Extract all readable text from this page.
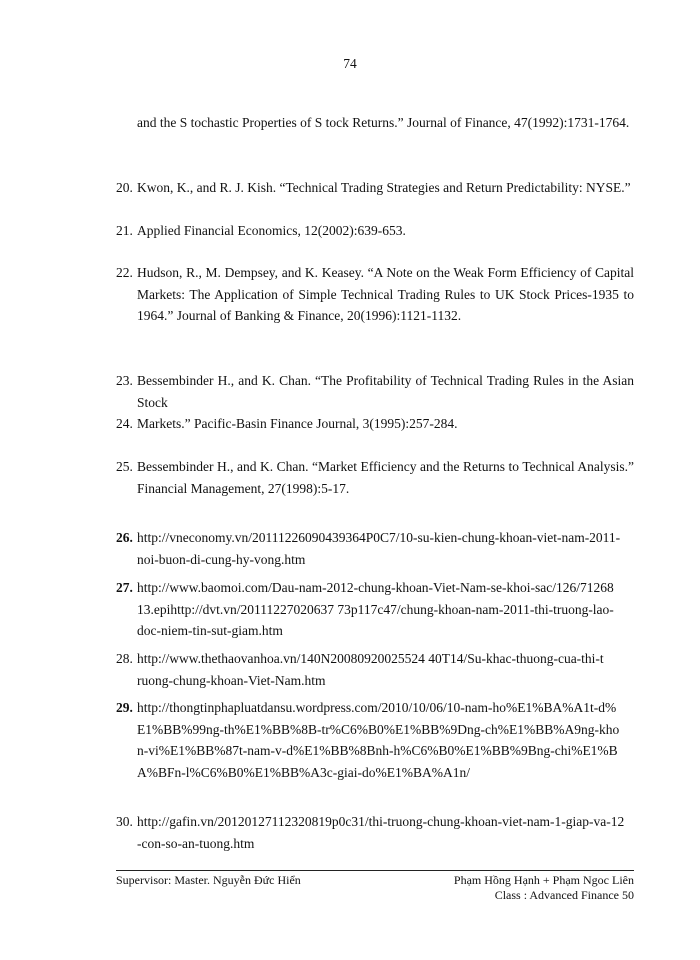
74
and the S tochastic Properties of S tock Returns.” Journal of Finance, 47(1992):1731-1764.
20. Kwon, K., and R. J. Kish. “Technical Trading Strategies and Return Predictability: NYSE.”
21. Applied Financial Economics, 12(2002):639-653.
22. Hudson, R., M. Dempsey, and K. Keasey. “A Note on the Weak Form Efficiency of Capital Markets: The Application of Simple Technical Trading Rules to UK Stock Prices-1935 to 1964.” Journal of Banking & Finance, 20(1996):1121-1132.
23. Bessembinder H., and K. Chan. “The Profitability of Technical Trading Rules in the Asian Stock
24. Markets.” Pacific-Basin Finance Journal, 3(1995):257-284.
25. Bessembinder H., and K. Chan. “Market Efficiency and the Returns to Technical Analysis.” Financial Management, 27(1998):5-17.
26. http://vneconomy.vn/20111226090439364P0C7/10-su-kien-chung-khoan-viet-nam-2011-noi-buon-di-cung-hy-vong.htm
27. http://www.baomoi.com/Dau-nam-2012-chung-khoan-Viet-Nam-se-khoi-sac/126/7126813.epihttp://dvt.vn/20111227020637 73p117c47/chung-khoan-nam-2011-thi-truong-lao-doc-niem-tin-sut-giam.htm
28. http://www.thethaovanhoa.vn/140N20080920025524 40T14/Su-khac-thuong-cua-thi-truong-chung-khoan-Viet-Nam.htm
29. http://thongtinphapluatdansu.wordpress.com/2010/10/06/10-nam-ho%E1%BA%A1t-d%E1%BB%99ng-th%E1%BB%8B-tr%C6%B0%E1%BB%9Dng-ch%E1%BB%A9ng-khon-vi%E1%BB%87t-nam-v-d%E1%BB%8Bnh-h%C6%B0%E1%BB%9Bng-chi%E1%BA%BFn-l%C6%B0%E1%BB%A3c-giai-do%E1%BA%A1n/
30. http://gafin.vn/20120127112320819p0c31/thi-truong-chung-khoan-viet-nam-1-giap-va-12-con-so-an-tuong.htm
Supervisor: Master. Nguyễn Đức Hiển	Phạm Hồng Hạnh + Phạm Ngoc Liên
Class : Advanced Finance 50
